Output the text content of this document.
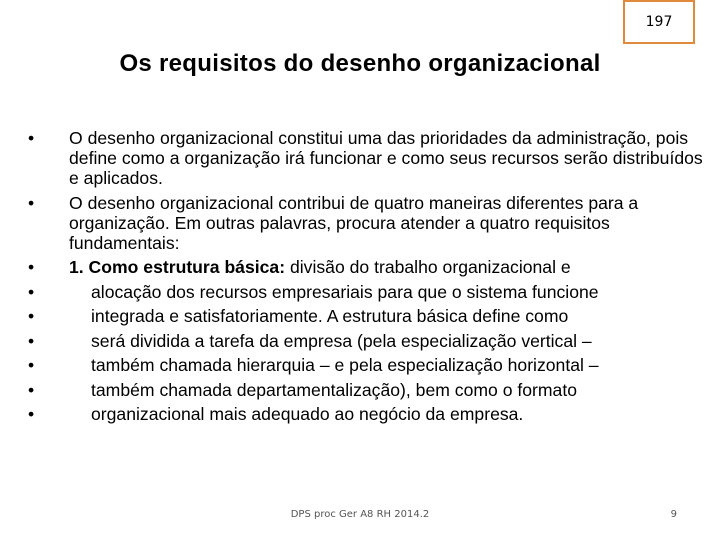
197
Os requisitos do desenho organizacional
•	O desenho organizacional constitui uma das prioridades da administração, pois define como a organização irá funcionar e como seus recursos serão distribuídos e aplicados.
•	O desenho organizacional contribui de quatro maneiras diferentes para a organização. Em outras palavras, procura atender a quatro requisitos fundamentais:
•	1. Como estrutura básica: divisão do trabalho organizacional e
•	alocação dos recursos empresariais para que o sistema funcione
•	integrada e satisfatoriamente. A estrutura básica define como
•	será dividida a tarefa da empresa (pela especialização vertical –
•	também chamada hierarquia – e pela especialização horizontal –
•	também chamada departamentalização), bem como o formato
•	organizacional mais adequado ao negócio da empresa.
DPS proc Ger A8 RH 2014.2	9
